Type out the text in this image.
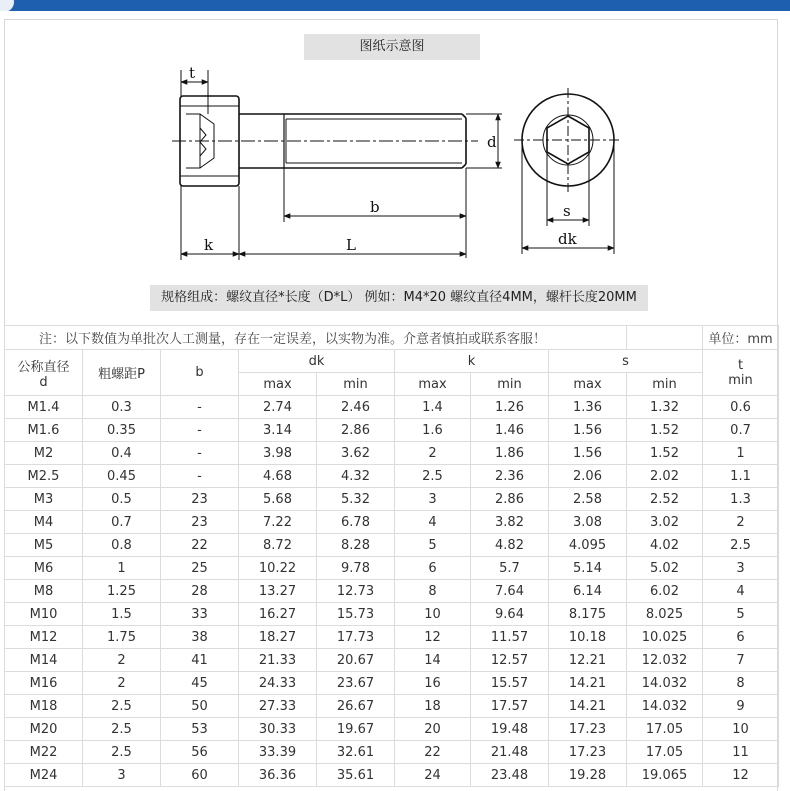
图纸示意图
t
d
b
k	L
s
dk
规格组成：螺纹直径*长度（D*L） 例如：M4*20 螺纹直径4MM，螺杆长度20MM
注：以下数值为单批次人工测量，存在一定误差，以实物为准。介意者慎拍或联系客服！									单位：mm
公称直径
d	粗螺距P	b	dk		k		s		t
min
			max	min	max	min	max	min	
M1.4	0.3	-	2.74	2.46	1.4	1.26	1.36	1.32	0.6
M1.6	0.35	-	3.14	2.86	1.6	1.46	1.56	1.52	0.7
M2	0.4	-	3.98	3.62	2	1.86	1.56	1.52	1
M2.5	0.45	-	4.68	4.32	2.5	2.36	2.06	2.02	1.1
M3	0.5	23	5.68	5.32	3	2.86	2.58	2.52	1.3
M4	0.7	23	7.22	6.78	4	3.82	3.08	3.02	2
M5	0.8	22	8.72	8.28	5	4.82	4.095	4.02	2.5
M6	1	25	10.22	9.78	6	5.7	5.14	5.02	3
M8	1.25	28	13.27	12.73	8	7.64	6.14	6.02	4
M10	1.5	33	16.27	15.73	10	9.64	8.175	8.025	5
M12	1.75	38	18.27	17.73	12	11.57	10.18	10.025	6
M14	2	41	21.33	20.67	14	12.57	12.21	12.032	7
M16	2	45	24.33	23.67	16	15.57	14.21	14.032	8
M18	2.5	50	27.33	26.67	18	17.57	14.21	14.032	9
M20	2.5	53	30.33	19.67	20	19.48	17.23	17.05	10
M22	2.5	56	33.39	32.61	22	21.48	17.23	17.05	11
M24	3	60	36.36	35.61	24	23.48	19.28	19.065	12
